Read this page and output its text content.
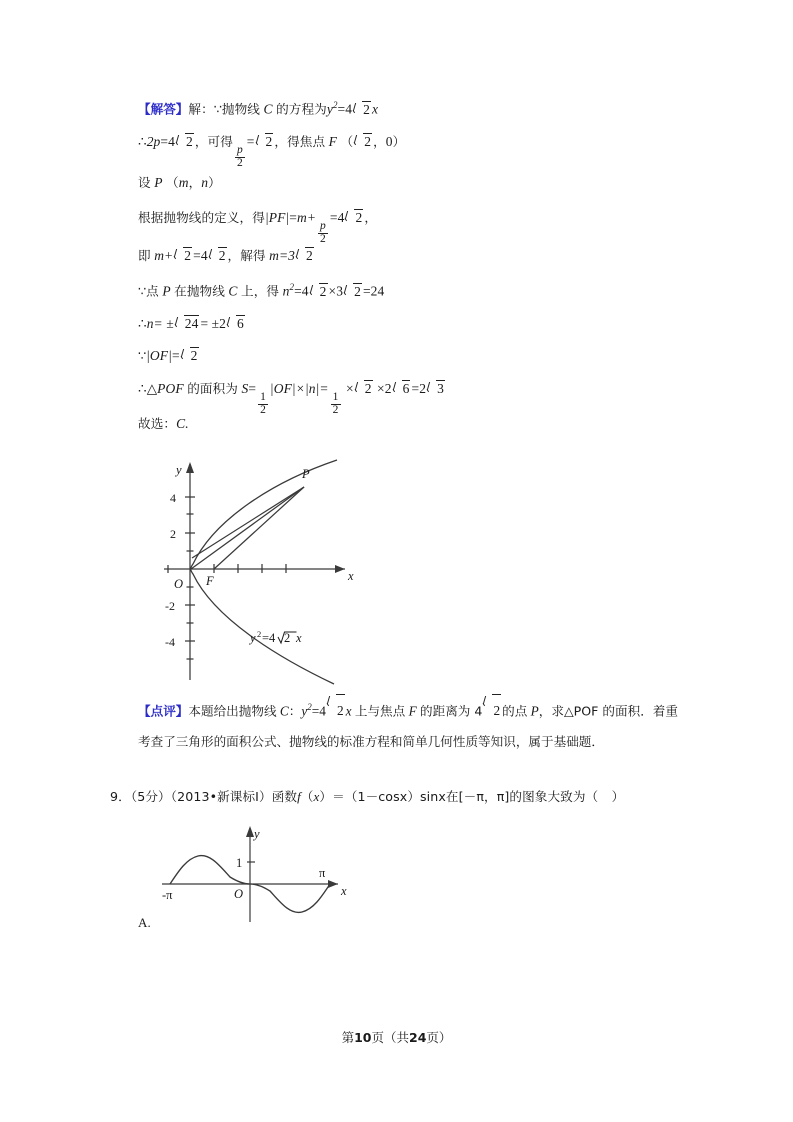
【解答】解：∵抛物线 C 的方程为$y^2=4$ 2 x
∴2p=4 2 ，可得
$\frac{p}{2}$
= 2 ，得焦点 F （ 2 ，0）
设 P （m，n）
根据抛物线的定义，得|PF|=m+
$\frac{p}{2}$
=4 2 ，
即 m+ 2 =4 2 ，解得 m=3 2
∵点 P 在抛物线 C 上，得 $n^2=4$ 2 ×3 2 =24
∴n= ± 24 = ±2 6
∵|OF|= 2
∴△POF 的面积为 S=
$\frac{1}{2}$
|OF|×|n|=
$\frac{1}{2}$
× 2 ×2 6 =2 3
故选：C.
y
x
O
P
F
4
2
-2
-4	y 2 =4 2 x
【点评】本题给出抛物线 C：$y^2=4$ 2 x 上与焦点 F 的距离为 4 2 的点 P，求△POF 的面积．着重考查了三角形的面积公式、抛物线的标准方程和简单几何性质等知识，属于基础题．
9．（5分）（2013•新课标Ⅰ）函数f（x）＝（1－cosx）sinx在[－π，π]的图象大致为（ ）
y
x
O
1
-π
π
A.
第10页（共24页）
